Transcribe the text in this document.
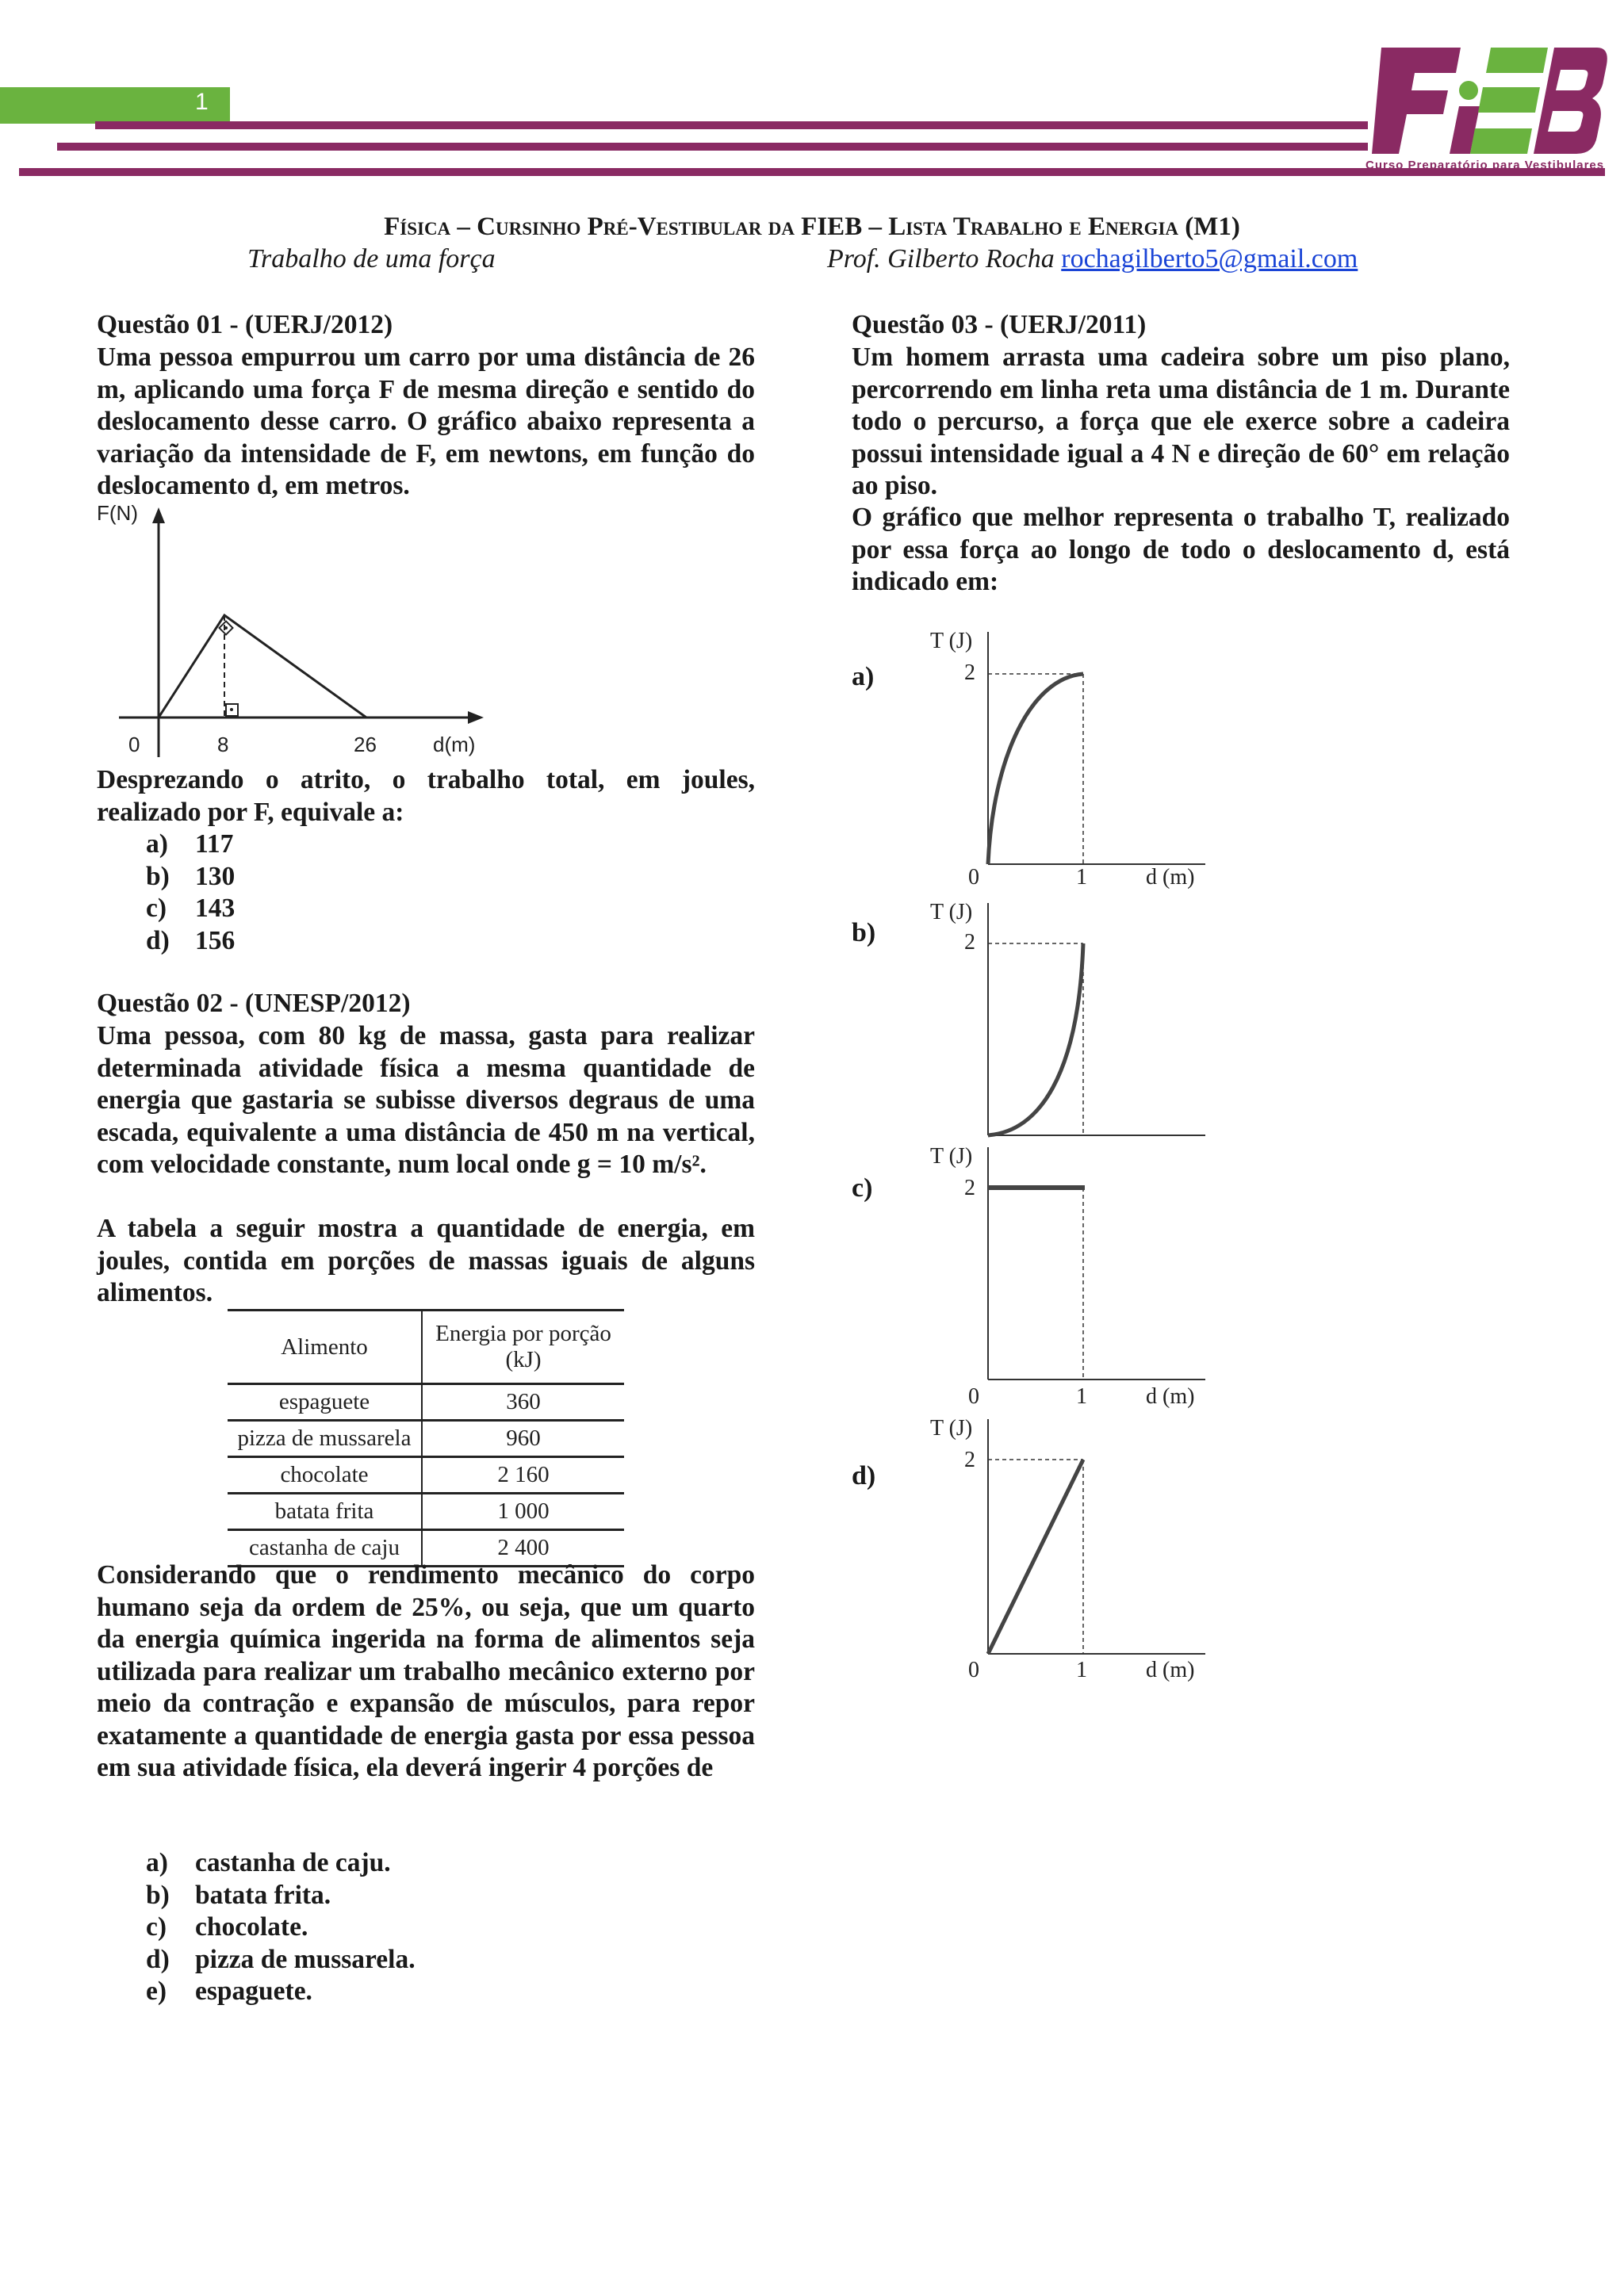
1
Curso Preparatório para Vestibulares
Física – Cursinho Pré-Vestibular da FIEB – Lista Trabalho e Energia (M1)
Trabalho de uma força	Prof. Gilberto Rocha rochagilberto5@gmail.com
Questão 01 - (UERJ/2012)
Uma pessoa empurrou um carro por uma distância de 26 m, aplicando uma força F de mesma direção e sentido do deslocamento desse carro. O gráfico abaixo representa a variação da intensidade de F, em newtons, em função do deslocamento d, em metros.
F(N)
d(m)
0	8	26
Desprezando o atrito, o trabalho total, em joules, realizado por F, equivale a:
a) 117
b) 130
c) 143
d) 156
Questão 02 - (UNESP/2012)
Uma pessoa, com 80 kg de massa, gasta para realizar determinada atividade física a mesma quantidade de energia que gastaria se subisse diversos degraus de uma escada, equivalente a uma distância de 450 m na vertical, com velocidade constante, num local onde g = 10 m/s².
A tabela a seguir mostra a quantidade de energia, em joules, contida em porções de massas iguais de alguns alimentos.
Alimento	Energia por porção (kJ)
espaguete	360
pizza de mussarela	960
chocolate	2 160
batata frita	1 000
castanha de caju	2 400
Considerando que o rendimento mecânico do corpo humano seja da ordem de 25%, ou seja, que um quarto da energia química ingerida na forma de alimentos seja utilizada para realizar um trabalho mecânico externo por meio da contração e expansão de músculos, para repor exatamente a quantidade de energia gasta por essa pessoa em sua atividade física, ela deverá ingerir 4 porções de
a) castanha de caju.
b) batata frita.
c) chocolate.
d) pizza de mussarela.
e) espaguete.
Questão 03 - (UERJ/2011)
Um homem arrasta uma cadeira sobre um piso plano, percorrendo em linha reta uma distância de 1 m. Durante todo o percurso, a força que ele exerce sobre a cadeira possui intensidade igual a 4 N e direção de 60° em relação ao piso.
O gráfico que melhor representa o trabalho T, realizado por essa força ao longo de todo o deslocamento d, está indicado em:
a)
b)
c)
d)
T (J)
2
0	1	d (m)
T (J)
2
T (J)
2
0	1	d (m)
T (J)
2
0	1	d (m)
